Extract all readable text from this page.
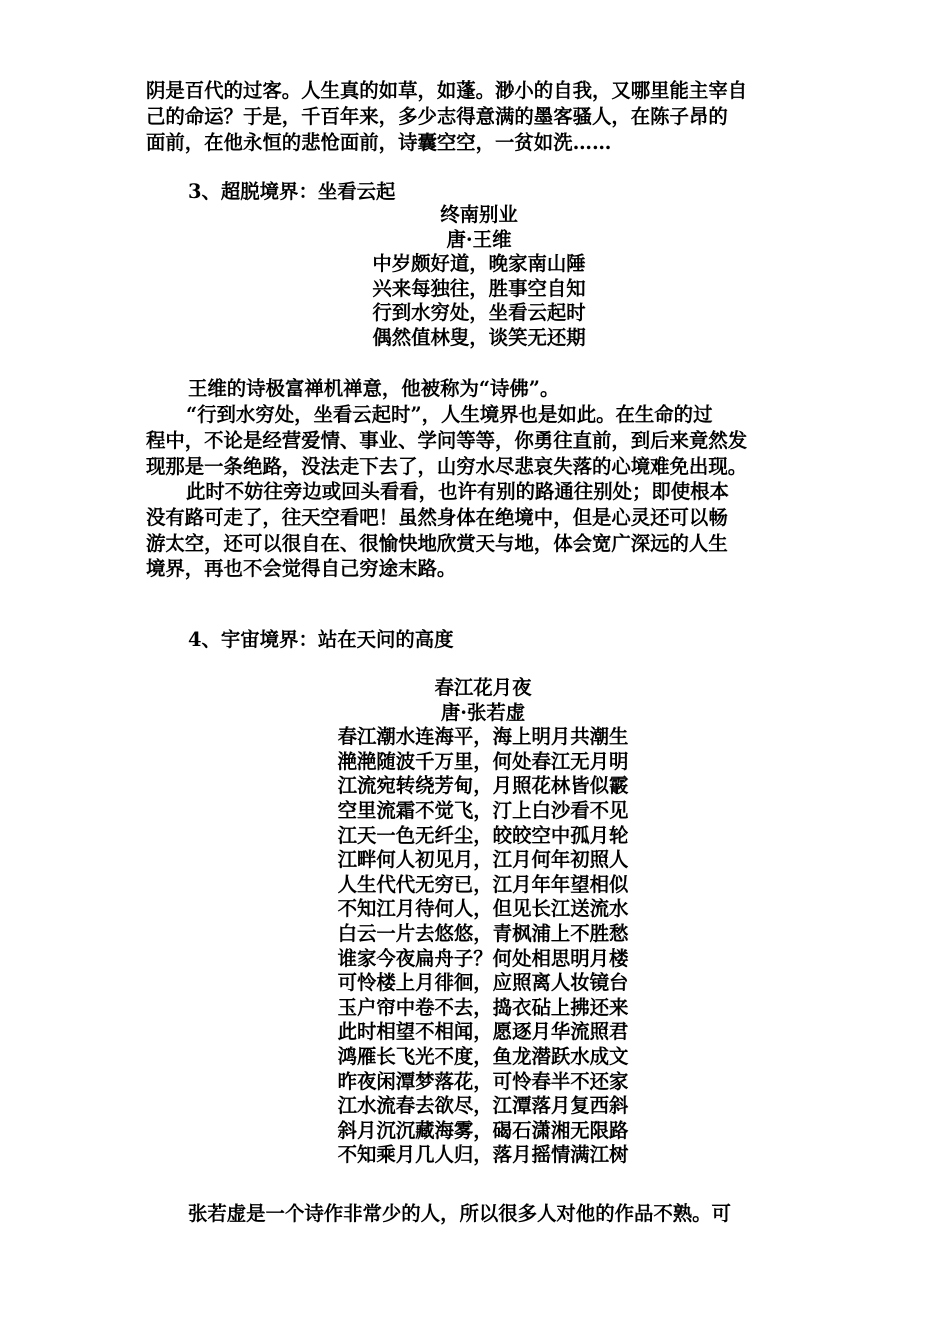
阴是百代的过客。人生真的如草，如蓬。渺小的自我，又哪里能主宰自
己的命运？于是，千百年来，多少志得意满的墨客骚人，在陈子昂的
面前，在他永恒的悲怆面前，诗囊空空，一贫如洗……

3、超脱境界：坐看云起

终南别业
唐·王维
中岁颇好道，晚家南山陲
兴来每独往，胜事空自知
行到水穷处，坐看云起时
偶然值林叟，谈笑无还期

王维的诗极富禅机禅意，他被称为“诗佛”。

“行到水穷处，坐看云起时”，人生境界也是如此。在生命的过
程中，不论是经营爱情、事业、学问等等，你勇往直前，到后来竟然发
现那是一条绝路，没法走下去了，山穷水尽悲哀失落的心境难免出现。

此时不妨往旁边或回头看看，也许有别的路通往别处；即使根本
没有路可走了，往天空看吧！虽然身体在绝境中，但是心灵还可以畅
游太空，还可以很自在、很愉快地欣赏天与地，体会宽广深远的人生
境界，再也不会觉得自己穷途末路。

4、宇宙境界：站在天问的高度

春江花月夜
唐·张若虚
春江潮水连海平，海上明月共潮生
滟滟随波千万里，何处春江无月明
江流宛转绕芳甸，月照花林皆似霰
空里流霜不觉飞，汀上白沙看不见
江天一色无纤尘，皎皎空中孤月轮
江畔何人初见月，江月何年初照人
人生代代无穷已，江月年年望相似
不知江月待何人，但见长江送流水
白云一片去悠悠，青枫浦上不胜愁
谁家今夜扁舟子？何处相思明月楼
可怜楼上月徘徊，应照离人妆镜台
玉户帘中卷不去，捣衣砧上拂还来
此时相望不相闻，愿逐月华流照君
鸿雁长飞光不度，鱼龙潜跃水成文
昨夜闲潭梦落花，可怜春半不还家
江水流春去欲尽，江潭落月复西斜
斜月沉沉藏海雾，碣石潇湘无限路
不知乘月几人归，落月摇情满江树

张若虚是一个诗作非常少的人，所以很多人对他的作品不熟。可
